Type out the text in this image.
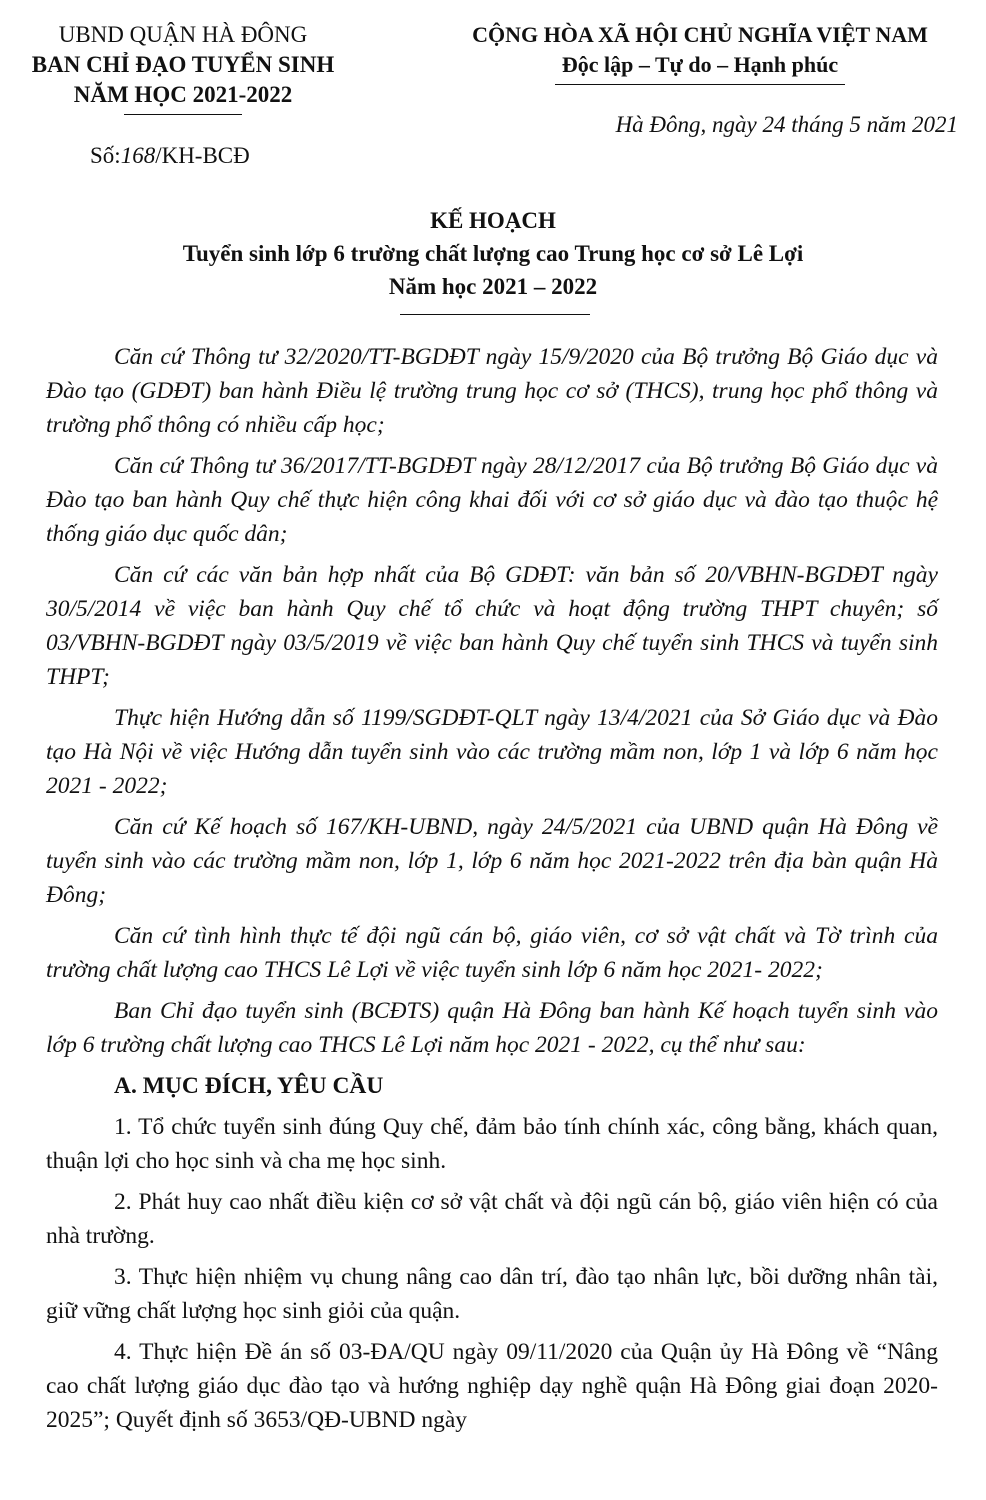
UBND QUẬN HÀ ĐÔNG
BAN CHỈ ĐẠO TUYỂN SINH
NĂM HỌC 2021-2022
Số:168/KH-BCĐ
CỘNG HÒA XÃ HỘI CHỦ NGHĨA VIỆT NAM
Độc lập – Tự do – Hạnh phúc
Hà Đông, ngày 24 tháng 5 năm 2021
KẾ HOẠCH
Tuyển sinh lớp 6 trường chất lượng cao Trung học cơ sở Lê Lợi
Năm học 2021 – 2022

Căn cứ Thông tư 32/2020/TT-BGDĐT ngày 15/9/2020 của Bộ trưởng Bộ Giáo dục và Đào tạo (GDĐT) ban hành Điều lệ trường trung học cơ sở (THCS), trung học phổ thông và trường phổ thông có nhiều cấp học;

Căn cứ Thông tư 36/2017/TT-BGDĐT ngày 28/12/2017 của Bộ trưởng Bộ Giáo dục và Đào tạo ban hành Quy chế thực hiện công khai đối với cơ sở giáo dục và đào tạo thuộc hệ thống giáo dục quốc dân;

Căn cứ các văn bản hợp nhất của Bộ GDĐT: văn bản số 20/VBHN-BGDĐT ngày 30/5/2014 về việc ban hành Quy chế tổ chức và hoạt động trường THPT chuyên; số 03/VBHN-BGDĐT ngày 03/5/2019 về việc ban hành Quy chế tuyển sinh THCS và tuyển sinh THPT;

Thực hiện Hướng dẫn số 1199/SGDĐT-QLT ngày 13/4/2021 của Sở Giáo dục và Đào tạo Hà Nội về việc Hướng dẫn tuyển sinh vào các trường mầm non, lớp 1 và lớp 6 năm học 2021 - 2022;

Căn cứ Kế hoạch số 167/KH-UBND, ngày 24/5/2021 của UBND quận Hà Đông về tuyển sinh vào các trường mầm non, lớp 1, lớp 6 năm học 2021-2022 trên địa bàn quận Hà Đông;

Căn cứ tình hình thực tế đội ngũ cán bộ, giáo viên, cơ sở vật chất và Tờ trình của trường chất lượng cao THCS Lê Lợi về việc tuyển sinh lớp 6 năm học 2021- 2022;

Ban Chỉ đạo tuyển sinh (BCĐTS) quận Hà Đông ban hành Kế hoạch tuyển sinh vào lớp 6 trường chất lượng cao THCS Lê Lợi năm học 2021 - 2022, cụ thể như sau:

A. MỤC ĐÍCH, YÊU CẦU

1. Tổ chức tuyển sinh đúng Quy chế, đảm bảo tính chính xác, công bằng, khách quan, thuận lợi cho học sinh và cha mẹ học sinh.

2. Phát huy cao nhất điều kiện cơ sở vật chất và đội ngũ cán bộ, giáo viên hiện có của nhà trường.

3. Thực hiện nhiệm vụ chung nâng cao dân trí, đào tạo nhân lực, bồi dưỡng nhân tài, giữ vững chất lượng học sinh giỏi của quận.

4. Thực hiện Đề án số 03-ĐA/QU ngày 09/11/2020 của Quận ủy Hà Đông về “Nâng cao chất lượng giáo dục đào tạo và hướng nghiệp dạy nghề quận Hà Đông giai đoạn 2020-2025”; Quyết định số 3653/QĐ-UBND ngày
